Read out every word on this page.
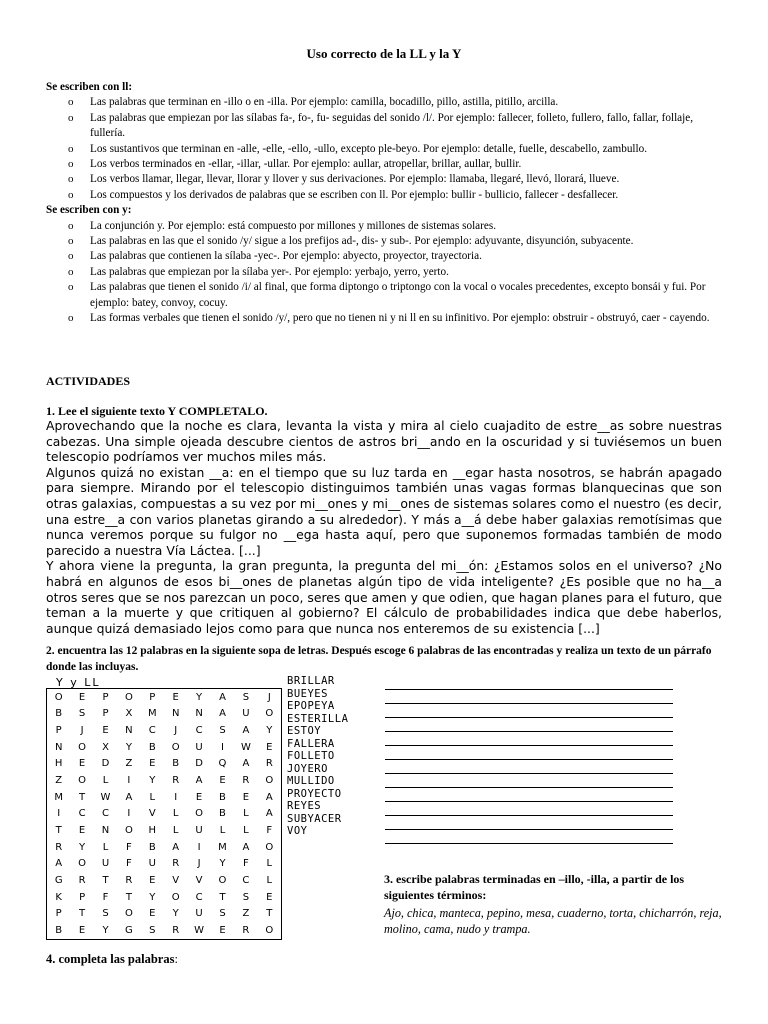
Uso correcto de la LL y la Y
Se escriben con ll:
o Las palabras que terminan en -illo o en -illa. Por ejemplo: camilla, bocadillo, pillo, astilla, pitillo, arcilla.
o Las palabras que empiezan por las sílabas fa-, fo-, fu- seguidas del sonido /l/. Por ejemplo: fallecer, folleto, fullero, fallo, fallar, follaje, fullería.
o Los sustantivos que terminan en -alle, -elle, -ello, -ullo, excepto ple-beyo. Por ejemplo: detalle, fuelle, descabello, zambullo.
o Los verbos terminados en -ellar, -illar, -ullar. Por ejemplo: aullar, atropellar, brillar, aullar, bullir.
o Los verbos llamar, llegar, llevar, llorar y llover y sus derivaciones. Por ejemplo: llamaba, llegaré, llevó, llorará, llueve.
o Los compuestos y los derivados de palabras que se escriben con ll. Por ejemplo: bullir - bullicio, fallecer - desfallecer.
Se escriben con y:
o La conjunción y. Por ejemplo: está compuesto por millones y millones de sistemas solares.
o Las palabras en las que el sonido /y/ sigue a los prefijos ad-, dis- y sub-. Por ejemplo: adyuvante, disyunción, subyacente.
o Las palabras que contienen la sílaba -yec-. Por ejemplo: abyecto, proyector, trayectoria.
o Las palabras que empiezan por la sílaba yer-. Por ejemplo: yerbajo, yerro, yerto.
o Las palabras que tienen el sonido /i/ al final, que forma diptongo o triptongo con la vocal o vocales precedentes, excepto bonsái y fui. Por ejemplo: batey, convoy, cocuy.
o Las formas verbales que tienen el sonido /y/, pero que no tienen ni y ni ll en su infinitivo. Por ejemplo: obstruir - obstruyó, caer - cayendo.
ACTIVIDADES
1. Lee el siguiente texto Y COMPLETALO.

Aprovechando que la noche es clara, levanta la vista y mira al cielo cuajadito de estre__as sobre nuestras cabezas. Una simple ojeada descubre cientos de astros bri__ando en la oscuridad y si tuviésemos un buen telescopio podríamos ver muchos miles más.

Algunos quizá no existan __a: en el tiempo que su luz tarda en __egar hasta nosotros, se habrán apagado para siempre. Mirando por el telescopio distinguimos también unas vagas formas blanquecinas que son otras galaxias, compuestas a su vez por mi__ones y mi__ones de sistemas solares como el nuestro (es decir, una estre__a con varios planetas girando a su alrededor). Y más a__á debe haber galaxias remotísimas que nunca veremos porque su fulgor no __ega hasta aquí, pero que suponemos formadas también de modo parecido a nuestra Vía Láctea. [...]

Y ahora viene la pregunta, la gran pregunta, la pregunta del mi__ón: ¿Estamos solos en el universo? ¿No habrá en algunos de esos bi__ones de planetas algún tipo de vida inteligente? ¿Es posible que no ha__a otros seres que se nos parezcan un poco, seres que amen y que odien, que hagan planes para el futuro, que teman a la muerte y que critiquen al gobierno? El cálculo de probabilidades indica que debe haberlos, aunque quizá demasiado lejos como para que nunca nos enteremos de su existencia [...]

2. encuentra las 12 palabras en la siguiente sopa de letras. Después escoge 6 palabras de las encontradas y realiza un texto de un párrafo donde las incluyas.
Y y LL
O	E	P	O	P	E	Y	A	S	J
B	S	P	X	M	N	N	A	U	O
P	J	E	N	C	J	C	S	A	Y
N	O	X	Y	B	O	U	I	W	E
H	E	D	Z	E	B	D	Q	A	R
Z	O	L	I	Y	R	A	E	R	O
M	T	W	A	L	I	E	B	E	A
I	C	C	I	V	L	O	B	L	A
T	E	N	O	H	L	U	L	L	F
R	Y	L	F	B	A	I	M	A	O
A	O	U	F	U	R	J	Y	F	L
G	R	T	R	E	V	V	O	C	L
K	P	F	T	Y	O	C	T	S	E
P	T	S	O	E	Y	U	S	Z	T
B	E	Y	G	S	R	W	E	R	O
BRILLAR
BUEYES
EPOPEYA
ESTERILLA
ESTOY
FALLERA
FOLLETO
JOYERO
MULLIDO
PROYECTO
REYES
SUBYACER
VOY
3. escribe palabras terminadas en –illo, -illa, a partir de los siguientes términos:
Ajo, chica, manteca, pepino, mesa, cuaderno, torta, chicharrón, reja, molino, cama, nudo y trampa.
4. completa las palabras:
